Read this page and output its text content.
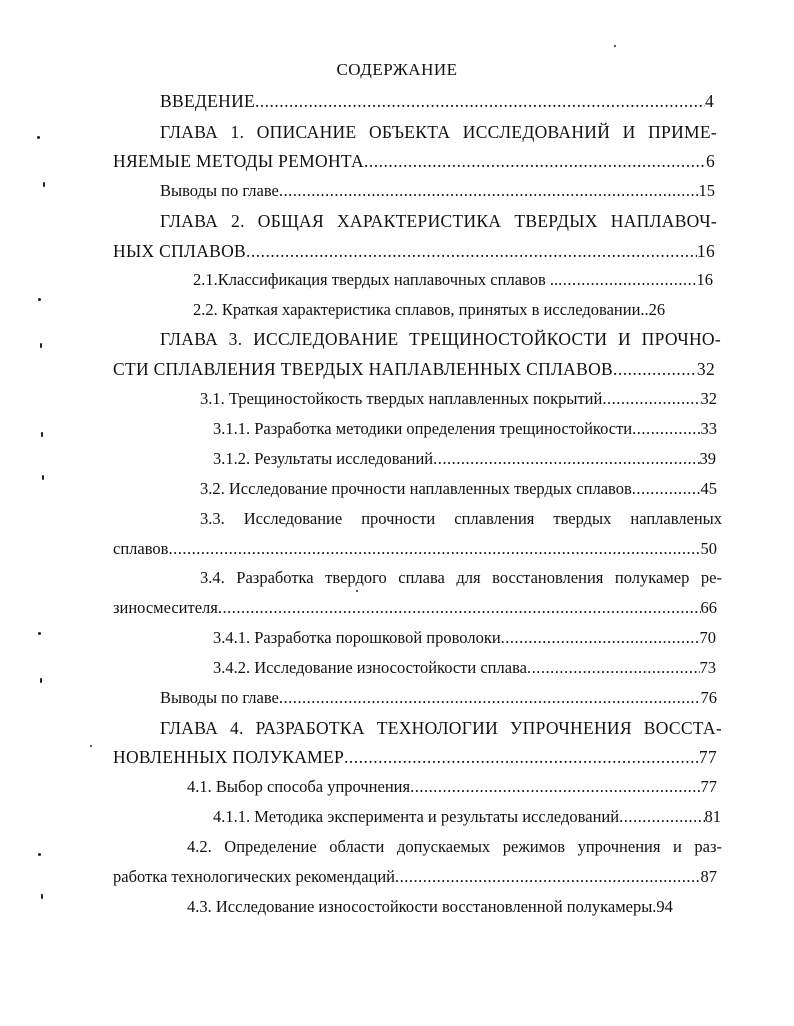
СОДЕРЖАНИЕ
ВВЕДЕНИЕ. .....	4
ГЛАВА 1. ОПИСАНИЕ ОБЪЕКТА ИССЛЕДОВАНИЙ И ПРИМЕ-
НЯЕМЫЕ МЕТОДЫ РЕМОНТА .....	6
Выводы по главе .....	15
ГЛАВА 2. ОБЩАЯ ХАРАКТЕРИСТИКА ТВЕРДЫХ НАПЛАВОЧ-
НЫХ СПЛАВОВ .....	16
2.1.Классификация твердых наплавочных сплавов .. .....	16
2.2. Краткая характеристика сплавов, принятых в исследовании..26
ГЛАВА 3. ИССЛЕДОВАНИЕ ТРЕЩИНОСТОЙКОСТИ И ПРОЧНО-
СТИ СПЛАВЛЕНИЯ ТВЕРДЫХ НАПЛАВЛЕННЫХ СПЛАВОВ .....	32
3.1. Трещиностойкость твердых наплавленных покрытий .....	32
3.1.1. Разработка методики определения трещиностойкости .....	33
3.1.2. Результаты исследований .....	39
3.2. Исследование прочности наплавленных твердых сплавов .....	45
3.3. Исследование прочности сплавления твердых наплавленых
сплавов .....	50
3.4. Разработка твердого сплава для восстановления полукамер ре-
зиносмесителя .....	66
3.4.1. Разработка порошковой проволоки .....	70
3.4.2. Исследование износостойкости сплава .....	73
Выводы по главе .....	76
ГЛАВА 4. РАЗРАБОТКА ТЕХНОЛОГИИ УПРОЧНЕНИЯ ВОССТА-
НОВЛЕННЫХ ПОЛУКАМЕР .....	77
4.1. Выбор способа упрочнения .....	77
4.1.1. Методика эксперимента и результаты исследований .....	81
4.2. Определение области допускаемых режимов упрочнения и раз-
работка технологических рекомендаций .....	87
4.3. Исследование износостойкости восстановленной полукамеры.94
